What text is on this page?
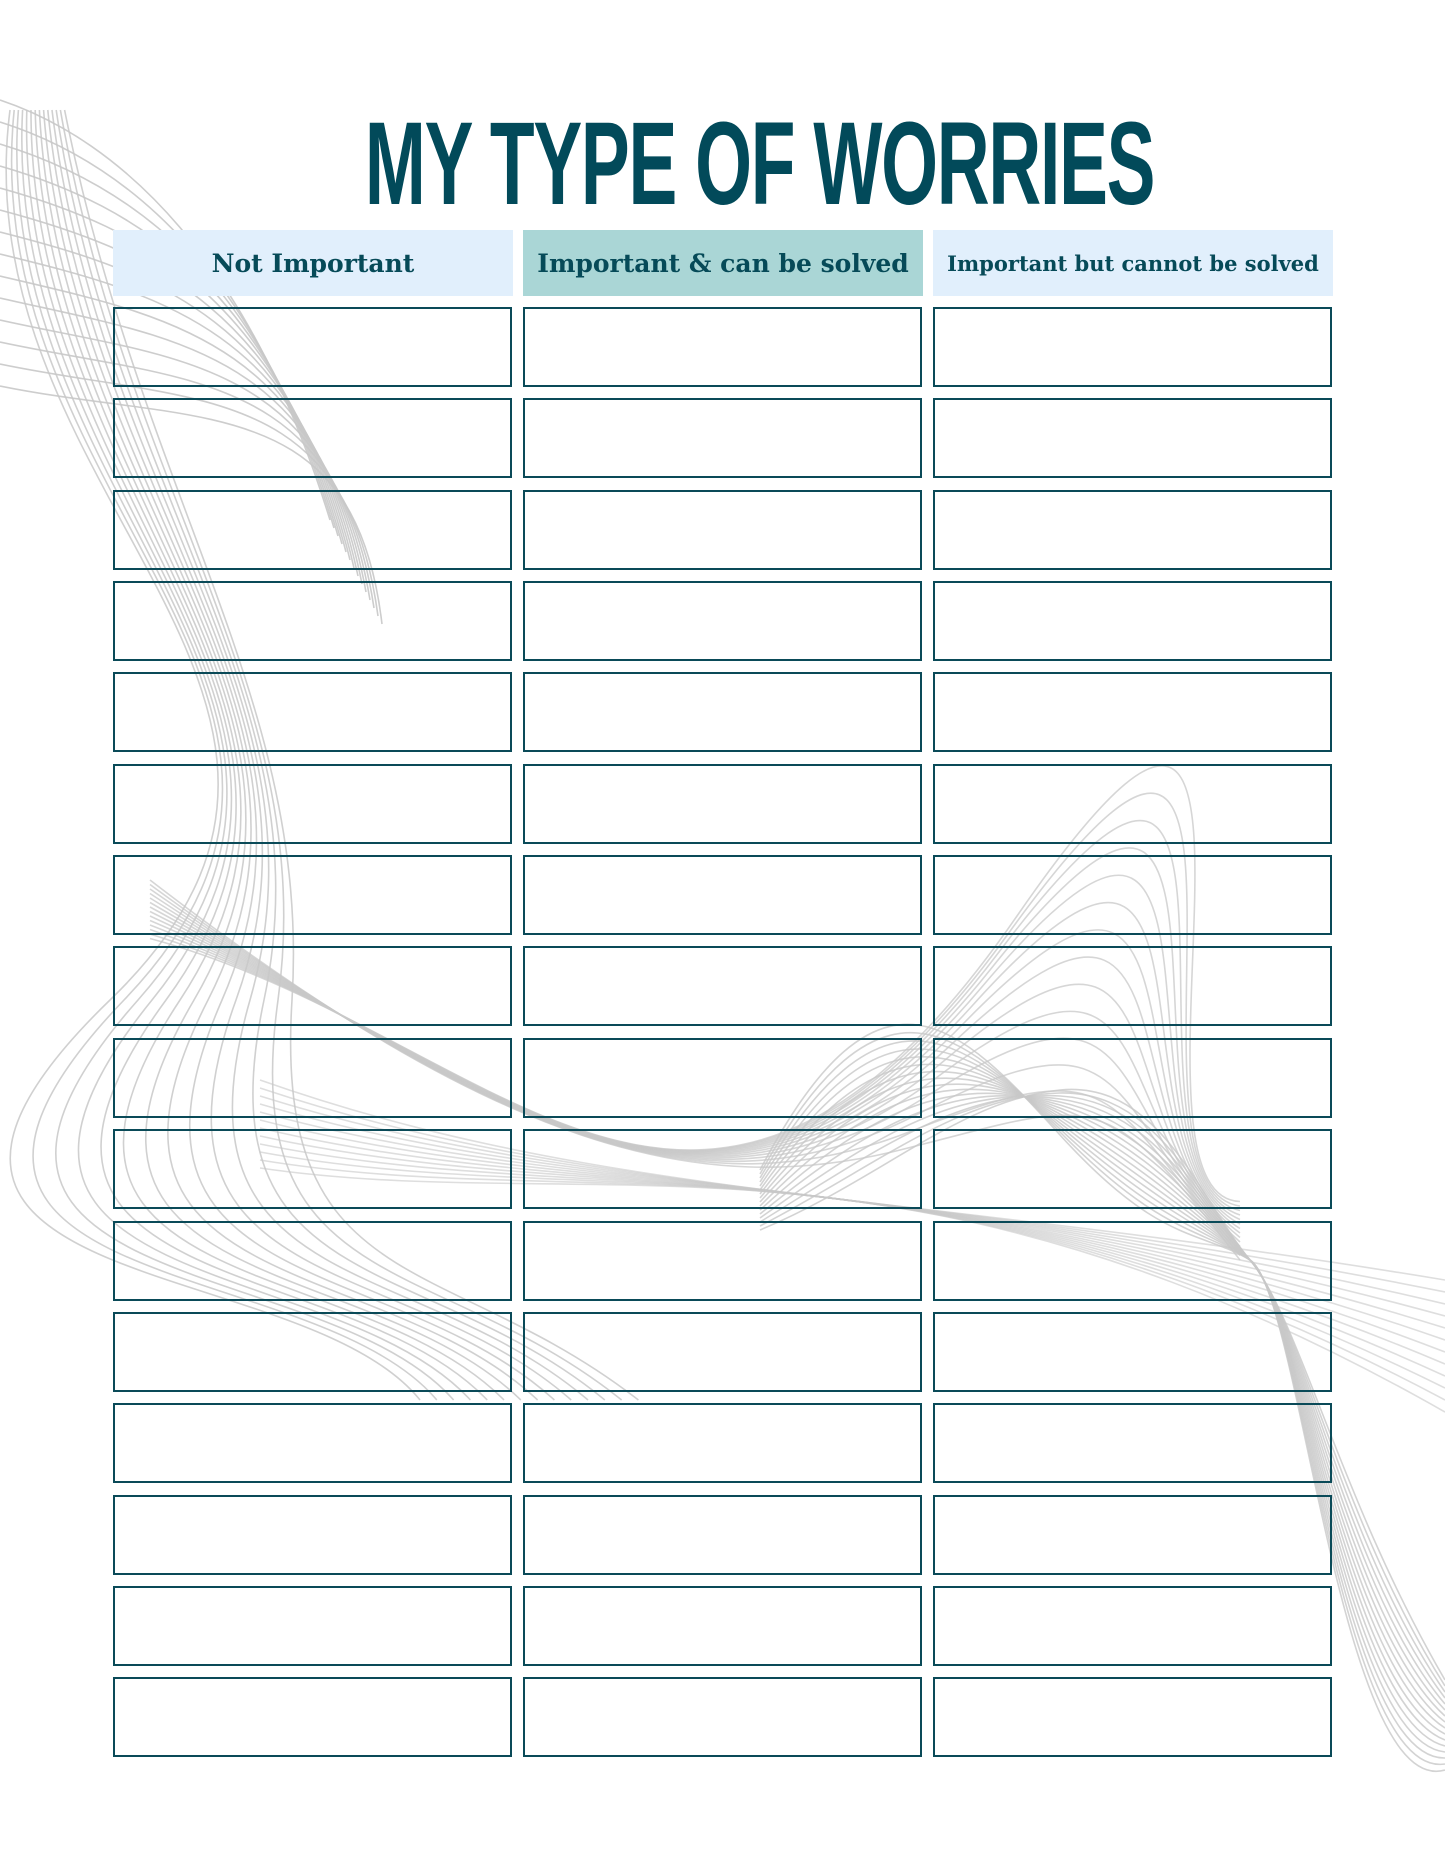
MY TYPE OF WORRIES
Not Important	Important & can be solved Important but cannot be solved
